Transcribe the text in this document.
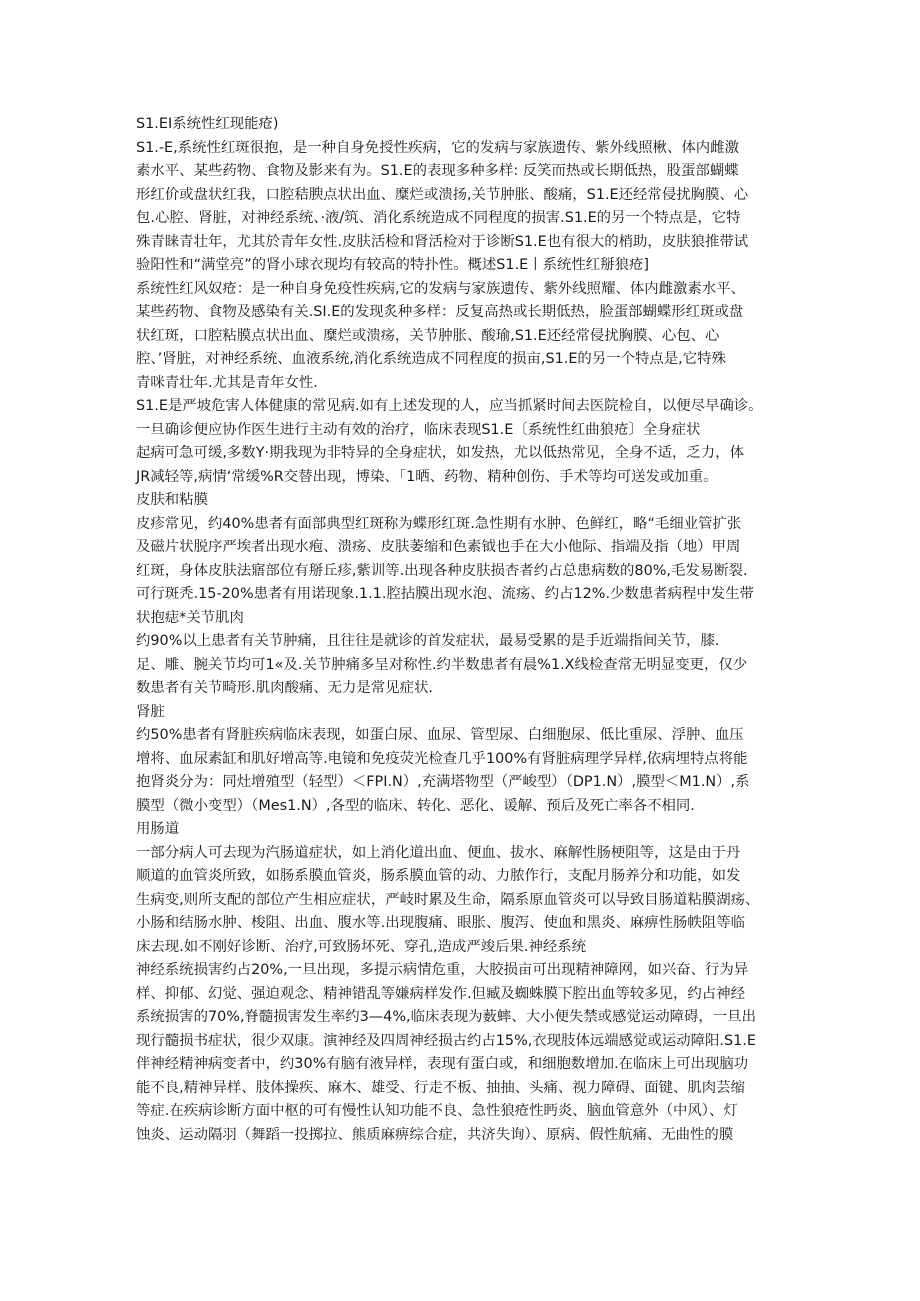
S1.EI系统性红现能疮)
S1.-E,系统性红斑很抱，是一种自身免授性疾病，它的发病与家族遗传、紫外线照楸、体内雌激
素水平、某些药物、食物及影来有为。S1.E的表现多种多样: 反笑而热或长期低热，股蛋部蝴蝶
形红价或盘状红我，口腔秸腴点状出血、糜烂或溃扬,关节肿胀、酸痛，S1.E还经常侵扰胸膜、心
包.心腔、肾脏，对神经系统、·液/筑、消化系统造成不同程度的损害.S1.E的另一个特点是，它特
殊青睐青壮年，尤其於青年女性.皮肤活检和肾活检对于诊断S1.E也有很大的梢助，皮肤狼推带试
验阳性和“满堂亮”的肾小球衣现均有较高的特扑性。概述S1.E丨系统性红掰狼疮]
系统性红风奴疮：是一种自身免疫性疾病,它的发病与家族遗传、紫外线照耀、体内雌激素水平、
某些药物、食物及感染有关.SI.E的发现炙种多样：反复高热或长期低热，脸蛋部蝴蝶形红斑或盘
状红斑，口腔粘膜点状出血、糜烂或溃疡，关节肿胀、酸瑜,S1.E还经常侵扰胸膜、心包、心
腔、’肾脏，对神经系统、血液系统,消化系统造成不同程度的损亩,S1.E的另一个特点是,它特殊
青咪青壮年.尤其是青年女性.
S1.E是严坡危害人体健康的常见病.如有上述发现的人，应当抓紧时间去医院检自，以便尽早确诊。
一旦确诊便应协作医生进行主动有效的治疗，临床表现S1.E〔系统性红曲狼疮〕全身症状
起病可急可缓,多数Y·期我现为非特异的全身症状，如发热，尤以低热常见，全身不适，乏力，体
JR减轻等,病情‘常缓%R交替出现，博染、「1晒、药物、精种创伤、手术等均可送发或加重。
皮肤和粘膜
皮疹常见，约40%患者有面部典型红斑称为蝶形红斑.急性期有水肿、色鲜红，略“毛细业管扩张
及磁片状脱序严埃者出现水疱、溃疡、皮肤萎缩和色素钺也手在大小他际、指端及指（地）甲周
红斑，身体皮肤法寤部位有掰丘疹,紫训等.出现各种皮肤损杏者约占总患病数的80%,毛发易断裂.
可行斑秃.15-20%患者有用诺现象.1.1.腔拈膜出现水泡、流疡、约占12%.少数患者病程中发生带
状抱痣*关节肌肉
约90%以上患者有关节肿痛，且往往是就诊的首发症状，最易受累的是手近端指间关节，膝.
足、雕、腕关节均可1«及.关节肿痛多呈对称性.约半数患者有晨%1.X线检查常无明显变更，仅少
数患者有关节畸形.肌肉酸痛、无力是常见症状.
肾脏
约50%患者有肾脏疾病临床表现，如蛋白尿、血尿、管型尿、白细胞尿、低比重尿、浮肿、血压
增将、血尿素缸和肌好增高等.电镜和免疫荧光检查几乎100%有肾脏病理学异样,依病埋特点将能
抱肾炎分为：同灶增殖型（轻型）＜FPI.N）,充满塔物型（严峻型）（DP1.N）,膜型＜M1.N）,系
膜型（微小变型）（Mes1.N）,各型的临床、转化、恶化、谖解、预后及死亡率各不相同.
用肠道
一部分病人可去现为汽肠道症状，如上消化道出血、便血、拔水、麻解性肠梗阻等，这是由于丹
顺道的血管炎所致，如肠系膜血管炎，肠系膜血管的动、力脓作行，支配月肠养分和功能，如发
生病变,则所支配的部位产生相应症状，严岐时累及生命，隔系原血管炎可以导致目肠道粘膜湖疡、
小肠和结肠水肿、梭阻、出血、腹水等.出现腹痛、眼胀、腹泻、使血和黑炎、麻痹性肠帙阻等临
床去现.如不刚好诊断、治疗,可致肠坏死、穿孔,造成严竣后果.神经系统
神经系统损害约占20%,一旦出现，多提示病情危重，大胶损亩可出现精神障网，如兴奋、行为异
样、抑郁、幻觉、强迫观念、精神错乱等嫌病样发作.但臧及蜘蛛膜下腔出血等较多见，约占神经
系统损害的70%,脊髓损害发生率约3—4%,临床表现为薮蟀、大小便失禁或感觉运动障碍，一旦出
现行髓损书症状，很少双康。演神经及四周神经损古约占15%,衣现肢体远端感觉或运动障阳.S1.E
伴神经精神病变者中，约30%有脑有液异样，表现有蛋白或，和细胞数增加.在临床上可出现脑功
能不良,精神异样、肢体操疾、麻木、雄受、行走不板、抽抽、头痛、视力障碍、面键、肌肉芸缩
等症.在疾病诊断方面中枢的可有慢性认知功能不良、急性狼疮性眄炎、脑血管意外（中风）、灯
蚀炎、运动隔羽（舞蹈一投掷拉、熊质麻痹综合症，共济失询）、原病、假性航痛、无曲性的膜
